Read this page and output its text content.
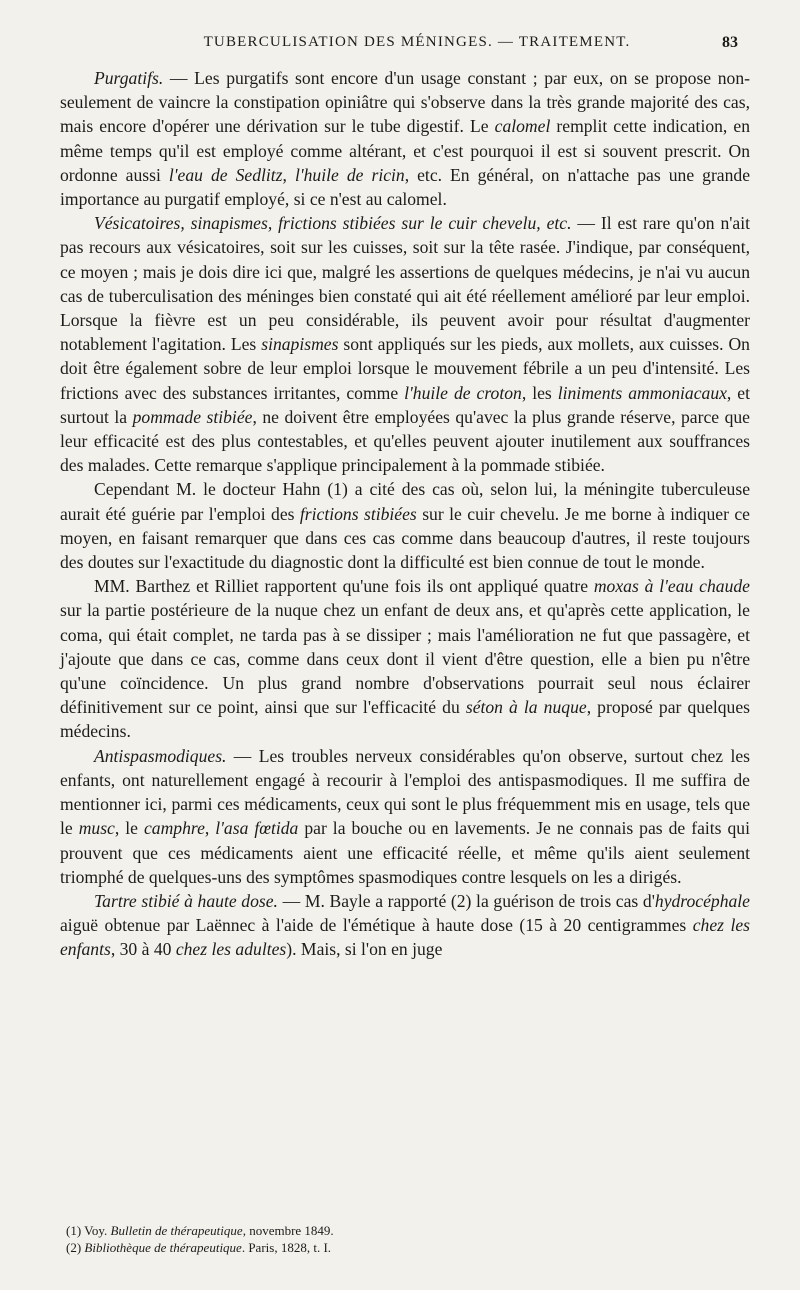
TUBERCULISATION DES MÉNINGES. — TRAITEMENT.	83

Purgatifs. — Les purgatifs sont encore d'un usage constant ; par eux, on se propose non-seulement de vaincre la constipation opiniâtre qui s'observe dans la très grande majorité des cas, mais encore d'opérer une dérivation sur le tube digestif. Le calomel remplit cette indication, en même temps qu'il est employé comme altérant, et c'est pourquoi il est si souvent prescrit. On ordonne aussi l'eau de Sedlitz, l'huile de ricin, etc. En général, on n'attache pas une grande importance au purgatif employé, si ce n'est au calomel.

Vésicatoires, sinapismes, frictions stibiées sur le cuir chevelu, etc. — Il est rare qu'on n'ait pas recours aux vésicatoires, soit sur les cuisses, soit sur la tête rasée. J'indique, par conséquent, ce moyen ; mais je dois dire ici que, malgré les assertions de quelques médecins, je n'ai vu aucun cas de tuberculisation des méninges bien constaté qui ait été réellement amélioré par leur emploi. Lorsque la fièvre est un peu considérable, ils peuvent avoir pour résultat d'augmenter notablement l'agitation. Les sinapismes sont appliqués sur les pieds, aux mollets, aux cuisses. On doit être également sobre de leur emploi lorsque le mouvement fébrile a un peu d'intensité. Les frictions avec des substances irritantes, comme l'huile de croton, les liniments ammoniacaux, et surtout la pommade stibiée, ne doivent être employées qu'avec la plus grande réserve, parce que leur efficacité est des plus contestables, et qu'elles peuvent ajouter inutilement aux souffrances des malades. Cette remarque s'applique principalement à la pommade stibiée.

Cependant M. le docteur Hahn (1) a cité des cas où, selon lui, la méningite tuberculeuse aurait été guérie par l'emploi des frictions stibiées sur le cuir chevelu. Je me borne à indiquer ce moyen, en faisant remarquer que dans ces cas comme dans beaucoup d'autres, il reste toujours des doutes sur l'exactitude du diagnostic dont la difficulté est bien connue de tout le monde.

MM. Barthez et Rilliet rapportent qu'une fois ils ont appliqué quatre moxas à l'eau chaude sur la partie postérieure de la nuque chez un enfant de deux ans, et qu'après cette application, le coma, qui était complet, ne tarda pas à se dissiper ; mais l'amélioration ne fut que passagère, et j'ajoute que dans ce cas, comme dans ceux dont il vient d'être question, elle a bien pu n'être qu'une coïncidence. Un plus grand nombre d'observations pourrait seul nous éclairer définitivement sur ce point, ainsi que sur l'efficacité du séton à la nuque, proposé par quelques médecins.

Antispasmodiques. — Les troubles nerveux considérables qu'on observe, surtout chez les enfants, ont naturellement engagé à recourir à l'emploi des antispasmodiques. Il me suffira de mentionner ici, parmi ces médicaments, ceux qui sont le plus fréquemment mis en usage, tels que le musc, le camphre, l'asa fœtida par la bouche ou en lavements. Je ne connais pas de faits qui prouvent que ces médicaments aient une efficacité réelle, et même qu'ils aient seulement triomphé de quelques-uns des symptômes spasmodiques contre lesquels on les a dirigés.

Tartre stibié à haute dose. — M. Bayle a rapporté (2) la guérison de trois cas d'hydrocéphale aiguë obtenue par Laënnec à l'aide de l'émétique à haute dose (15 à 20 centigrammes chez les enfants, 30 à 40 chez les adultes). Mais, si l'on en juge

(1) Voy. Bulletin de thérapeutique, novembre 1849.

(2) Bibliothèque de thérapeutique. Paris, 1828, t. I.
